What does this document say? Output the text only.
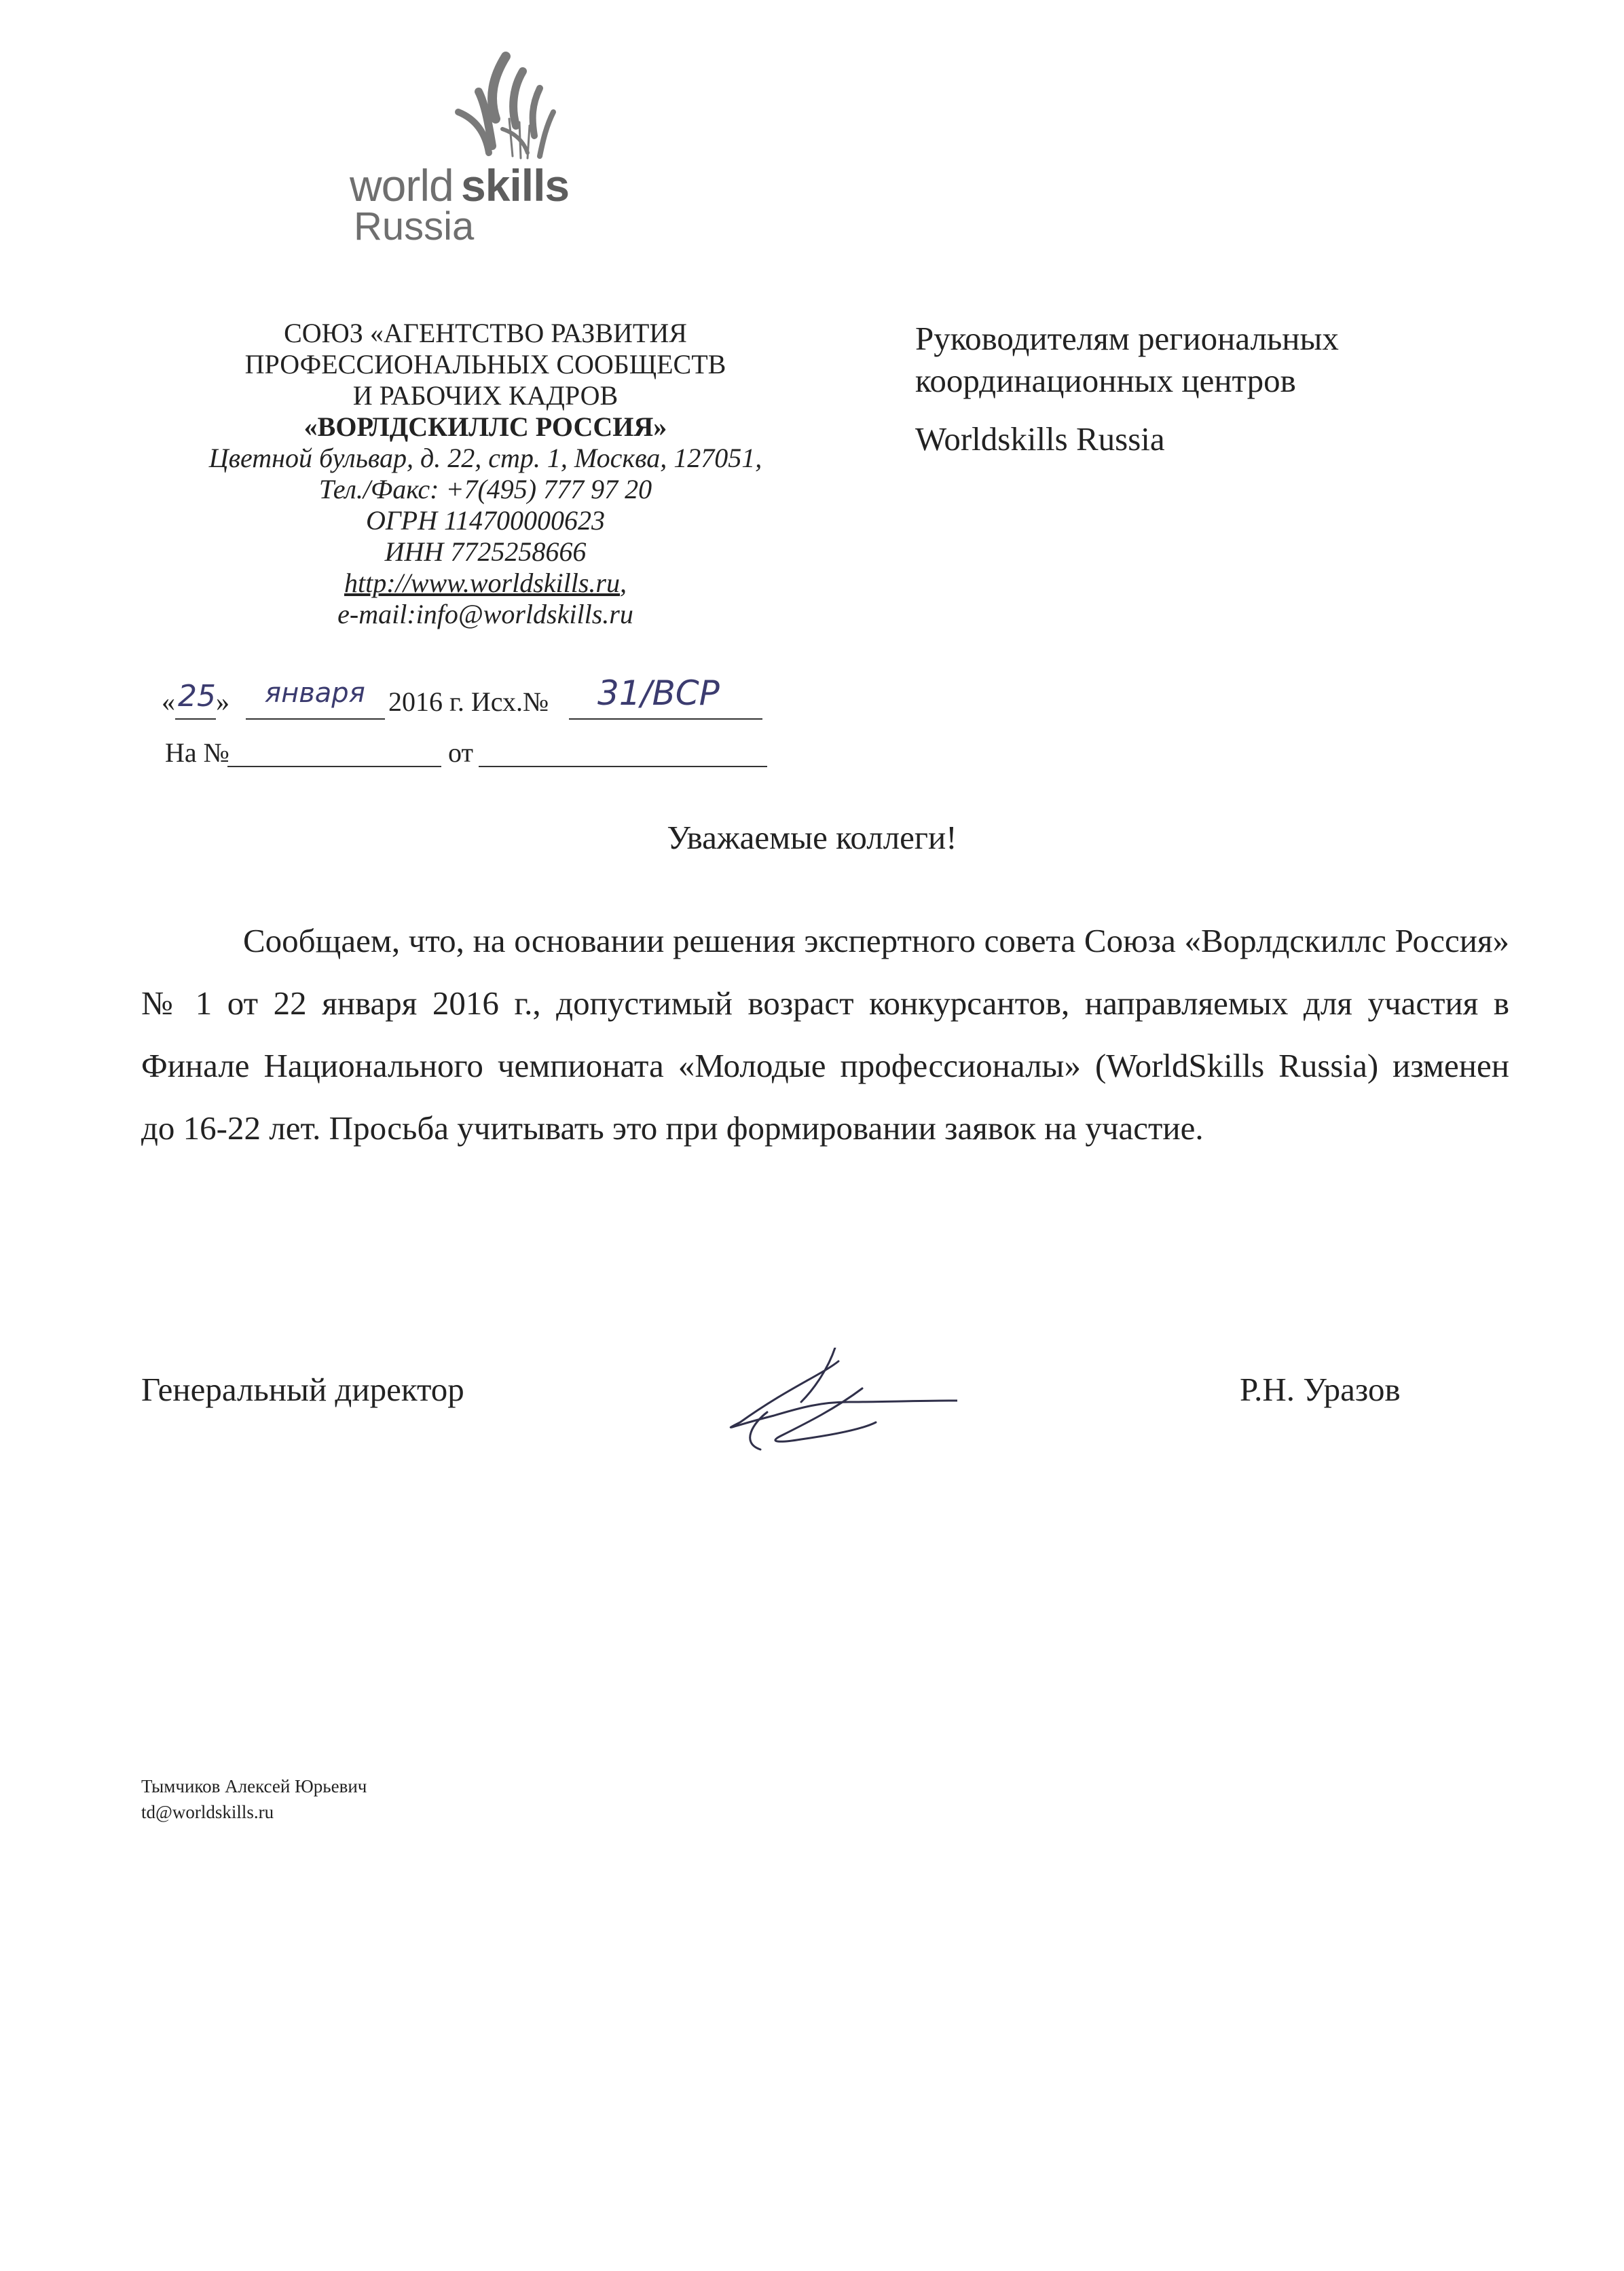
world skills
Russia
СОЮЗ «АГЕНТСТВО РАЗВИТИЯ
ПРОФЕССИОНАЛЬНЫХ СООБЩЕСТВ
И РАБОЧИХ КАДРОВ
«ВОРЛДСКИЛЛС РОССИЯ»
Цветной бульвар, д. 22, стр. 1, Москва, 127051,
Тел./Факс: +7(495) 777 97 20
ОГРН 114700000623
ИНН 7725258666
http://www.worldskills.ru,
e-mail:info@worldskills.ru
Руководителям региональных
координационных центров
Worldskills Russia
« 25 » января 2016 г. Исх.№ 31/ВСР
На №	от
Уважаемые коллеги!

Сообщаем, что, на основании решения экспертного совета Союза «Ворлдскиллс Россия» № 1 от 22 января 2016 г., допустимый возраст конкурсантов, направляемых для участия в Финале Национального чемпионата «Молодые профессионалы» (WorldSkills Russia) изменен до 16-22 лет. Просьба учитывать это при формировании заявок на участие.

Генеральный директор	Р.Н. Уразов
Тымчиков Алексей Юрьевич
td@worldskills.ru
